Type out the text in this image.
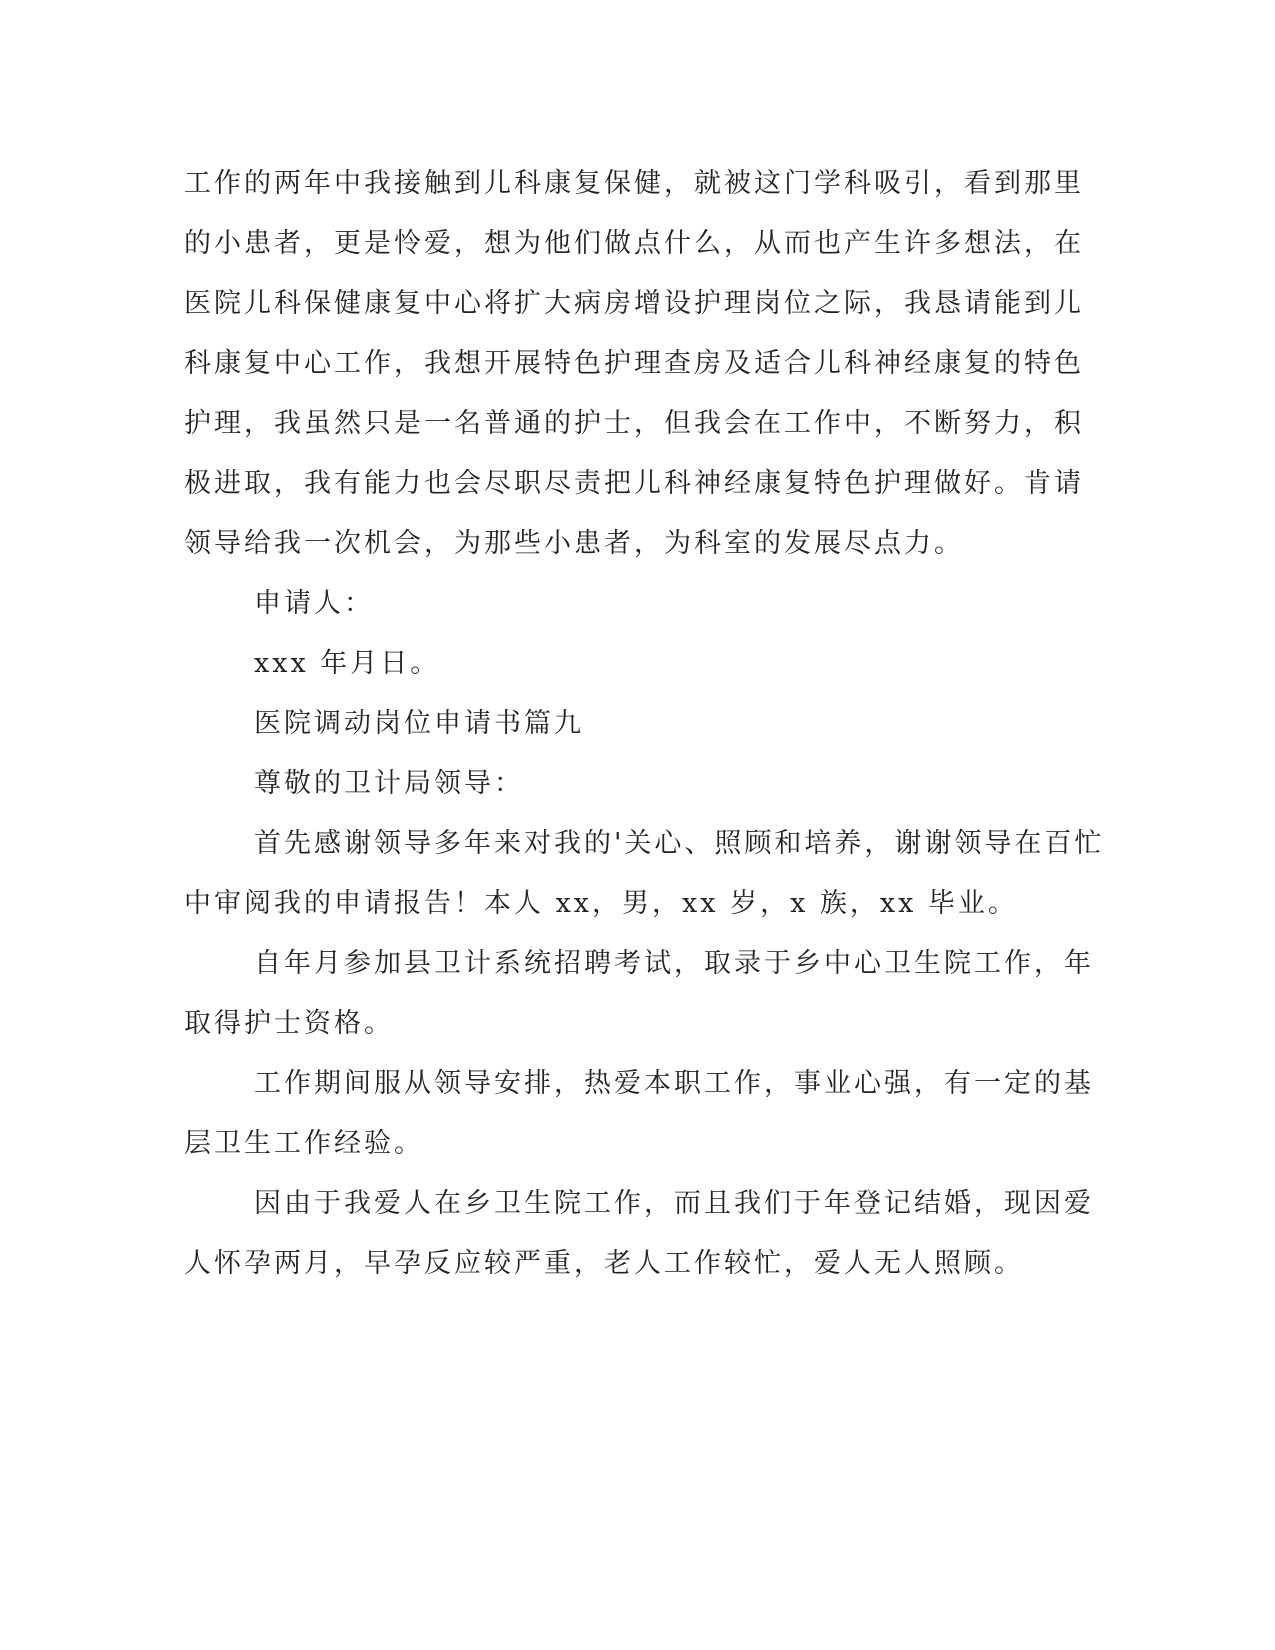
工作的两年中我接触到儿科康复保健，就被这门学科吸引，看到那里
的小患者，更是怜爱，想为他们做点什么，从而也产生许多想法，在
医院儿科保健康复中心将扩大病房增设护理岗位之际，我恳请能到儿
科康复中心工作，我想开展特色护理查房及适合儿科神经康复的特色
护理，我虽然只是一名普通的护士，但我会在工作中，不断努力，积
极进取，我有能力也会尽职尽责把儿科神经康复特色护理做好。肯请
领导给我一次机会，为那些小患者，为科室的发展尽点力。
申请人：
xxx 年月日。
医院调动岗位申请书篇九
尊敬的卫计局领导：
首先感谢领导多年来对我的'关心、照顾和培养，谢谢领导在百忙
中审阅我的申请报告！本人 xx，男，xx 岁，x 族，xx 毕业。
自年月参加县卫计系统招聘考试，取录于乡中心卫生院工作，年
取得护士资格。
工作期间服从领导安排，热爱本职工作，事业心强，有一定的基
层卫生工作经验。
因由于我爱人在乡卫生院工作，而且我们于年登记结婚，现因爱
人怀孕两月，早孕反应较严重，老人工作较忙，爱人无人照顾。
